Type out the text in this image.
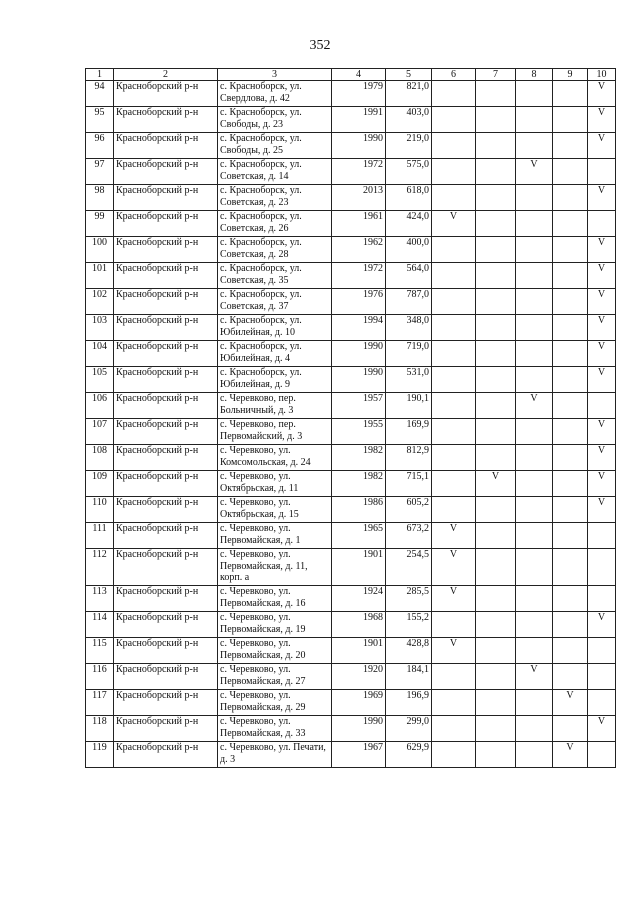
352
1	2	3	4	5	6	7	8	9	10
94	Красноборский р-н	с. Красноборск, ул. Свердлова, д. 42	1979	821,0					V
95	Красноборский р-н	с. Красноборск, ул. Свободы, д. 23	1991	403,0					V
96	Красноборский р-н	с. Красноборск, ул. Свободы, д. 25	1990	219,0					V
97	Красноборский р-н	с. Красноборск, ул. Советская, д. 14	1972	575,0			V		
98	Красноборский р-н	с. Красноборск, ул. Советская, д. 23	2013	618,0					V
99	Красноборский р-н	с. Красноборск, ул. Советская, д. 26	1961	424,0	V				
100	Красноборский р-н	с. Красноборск, ул. Советская, д. 28	1962	400,0					V
101	Красноборский р-н	с. Красноборск, ул. Советская, д. 35	1972	564,0					V
102	Красноборский р-н	с. Красноборск, ул. Советская, д. 37	1976	787,0					V
103	Красноборский р-н	с. Красноборск, ул. Юбилейная, д. 10	1994	348,0					V
104	Красноборский р-н	с. Красноборск, ул. Юбилейная, д. 4	1990	719,0					V
105	Красноборский р-н	с. Красноборск, ул. Юбилейная, д. 9	1990	531,0					V
106	Красноборский р-н	с. Черевково, пер. Больничный, д. 3	1957	190,1			V		
107	Красноборский р-н	с. Черевково, пер. Первомайский, д. 3	1955	169,9					V
108	Красноборский р-н	с. Черевково, ул. Комсомольская, д. 24	1982	812,9					V
109	Красноборский р-н	с. Черевково, ул. Октябрьская, д. 11	1982	715,1		V			V
110	Красноборский р-н	с. Черевково, ул. Октябрьская, д. 15	1986	605,2					V
111	Красноборский р-н	с. Черевково, ул. Первомайская, д. 1	1965	673,2	V				
112	Красноборский р-н	с. Черевково, ул. Первомайская, д. 11, корп. а	1901	254,5	V				
113	Красноборский р-н	с. Черевково, ул. Первомайская, д. 16	1924	285,5	V				
114	Красноборский р-н	с. Черевково, ул. Первомайская, д. 19	1968	155,2					V
115	Красноборский р-н	с. Черевково, ул. Первомайская, д. 20	1901	428,8	V				
116	Красноборский р-н	с. Черевково, ул. Первомайская, д. 27	1920	184,1			V		
117	Красноборский р-н	с. Черевково, ул. Первомайская, д. 29	1969	196,9				V	
118	Красноборский р-н	с. Черевково, ул. Первомайская, д. 33	1990	299,0					V
119	Красноборский р-н	с. Черевково, ул. Печати, д. 3	1967	629,9				V	
